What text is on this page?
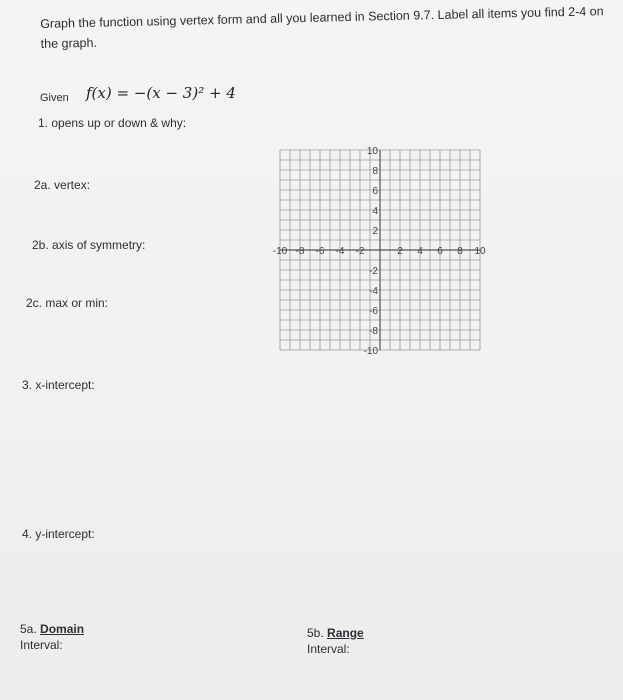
Graph the function using vertex form and all you learned in Section 9.7. Label all items you find 2-4 on the graph.
Given f(x) = −(x − 3)² + 4
1. opens up or down & why:
2a. vertex:
2b. axis of symmetry:
2c. max or min:
3. x-intercept:
4. y-intercept:
5a. Domain
Interval:
5b. Range
Interval:
-10 -8 -6 -4 -2	2 4 6 8 10
10
8
6
4
2
-2
-4
-6
-8
-10
